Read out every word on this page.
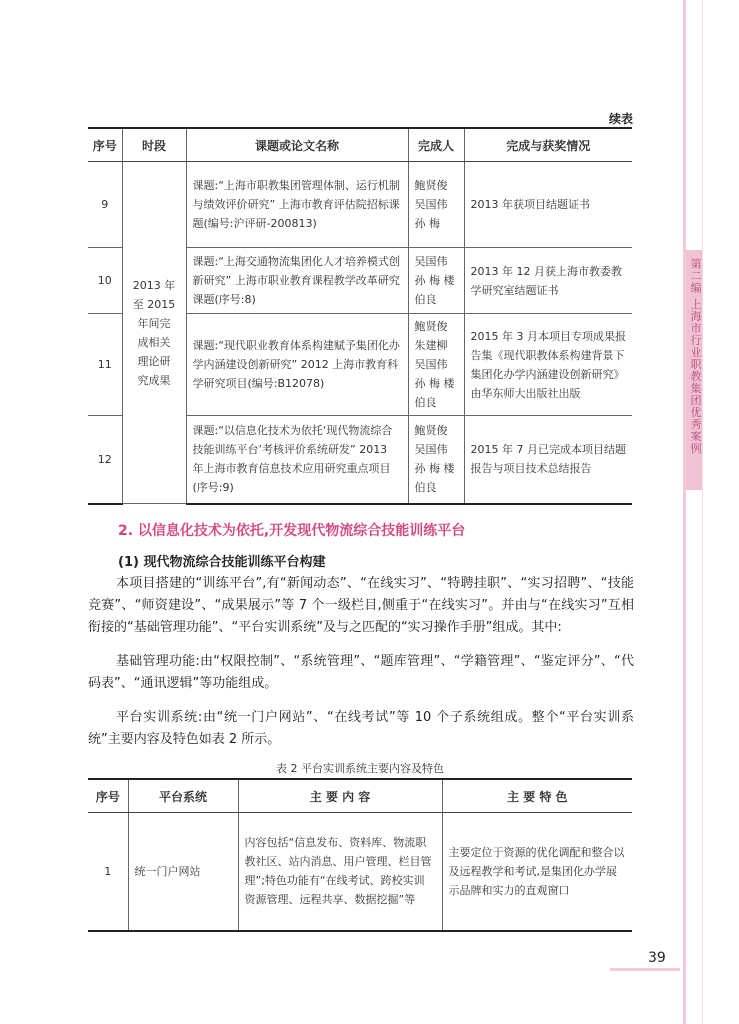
第二编 上海市行业职教集团优秀案例
续表
序号	时段	课题或论文名称	完成人	完成与获奖情况
9	2013 年至 2015 年间完成相关理论研究成果	课题:“上海市职教集团管理体制、运行机制与绩效评价研究” 上海市教育评估院招标课题(编号:沪评研-200813)	鲍贤俊 吴国伟 孙 梅	2013 年获项目结题证书
10		课题:“上海交通物流集团化人才培养模式创新研究” 上海市职业教育课程教学改革研究课题(序号:8)	吴国伟 孙 梅 楼伯良	2013 年 12 月获上海市教委教学研究室结题证书
11		课题:“现代职业教育体系构建赋予集团化办学内涵建设创新研究” 2012 上海市教育科学研究项目(编号:B12078)	鲍贤俊 朱建柳 吴国伟 孙 梅 楼伯良	2015 年 3 月本项目专项成果报告集《现代职教体系构建背景下集团化办学内涵建设创新研究》由华东师大出版社出版
12		课题:“以信息化技术为依托‘现代物流综合技能训练平台’考核评价系统研发” 2013 年上海市教育信息技术应用研究重点项目(序号:9)	鲍贤俊 吴国伟 孙 梅 楼伯良	2015 年 7 月已完成本项目结题报告与项目技术总结报告
2. 以信息化技术为依托,开发现代物流综合技能训练平台
(1) 现代物流综合技能训练平台构建
本项目搭建的“训练平台”,有“新闻动态”、“在线实习”、“特聘挂职”、“实习招聘”、“技能竞赛”、“师资建设”、“成果展示”等 7 个一级栏目,侧重于“在线实习”。并由与“在线实习”互相衔接的“基础管理功能”、“平台实训系统”及与之匹配的“实习操作手册”组成。其中:
基础管理功能:由“权限控制”、“系统管理”、“题库管理”、“学籍管理”、“鉴定评分”、“代码表”、“通讯逻辑”等功能组成。
平台实训系统:由“统一门户网站”、“在线考试”等 10 个子系统组成。整个“平台实训系统”主要内容及特色如表 2 所示。
表 2 平台实训系统主要内容及特色
序号	平台系统	主 要 内 容	主 要 特 色
1	统一门户网站	内容包括“信息发布、资料库、物流职教社区、站内消息、用户管理、栏目管理”;特色功能有“在线考试、跨校实训资源管理、远程共享、数据挖掘”等	主要定位于资源的优化调配和整合以及远程教学和考试,是集团化办学展示品牌和实力的直观窗口
39
